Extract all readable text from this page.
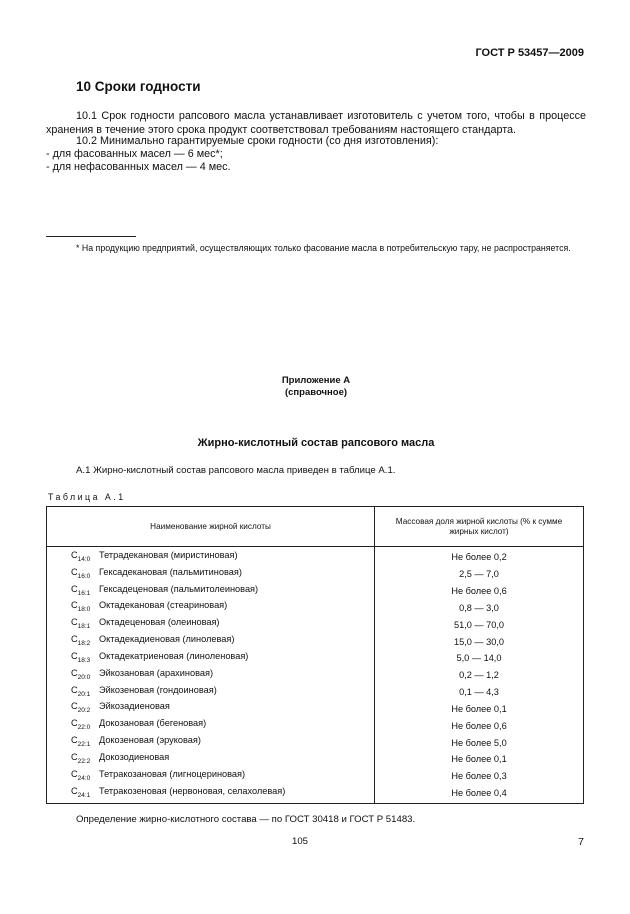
ГОСТ Р 53457—2009
10 Сроки годности
10.1 Срок годности рапсового масла устанавливает изготовитель с учетом того, чтобы в процессе хранения в течение этого срока продукт соответствовал требованиям настоящего стандарта.
10.2 Минимально гарантируемые сроки годности (со дня изготовления):
- для фасованных масел — 6 мес*;
- для нефасованных масел — 4 мес.
* На продукцию предприятий, осуществляющих только фасование масла в потребительскую тару, не распространяется.
Приложение А
(справочное)
Жирно-кислотный состав рапсового масла
А.1 Жирно-кислотный состав рапсового масла приведен в таблице А.1.
Таблица А.1
Наименование жирной кислоты	Массовая доля жирной кислоты (% к сумме жирных кислот)
$C_{14:0}$ Тетрадекановая (миристиновая)	Не более 0,2
$C_{16:0}$ Гексадекановая (пальмитиновая)	2,5 — 7,0
$C_{16:1}$ Гексадеценовая (пальмитолеиновая)	Не более 0,6
$C_{18:0}$ Октадекановая (стеариновая)	0,8 — 3,0
$C_{18:1}$ Октадеценовая (олеиновая)	51,0 — 70,0
$C_{18:2}$ Октадекадиеновая (линолевая)	15,0 — 30,0
$C_{18:3}$ Октадекатриеновая (линоленовая)	5,0 — 14,0
$C_{20:0}$ Эйкозановая (арахиновая)	0,2 — 1,2
$C_{20:1}$ Эйкозеновая (гондоиновая)	0,1 — 4,3
$C_{20:2}$ Эйкозадиеновая	Не более 0,1
$C_{22:0}$ Докозановая (бегеновая)	Не более 0,6
$C_{22:1}$ Докозеновая (эруковая)	Не более 5,0
$C_{22:2}$ Докозодиеновая	Не более 0,1
$C_{24:0}$ Тетракозановая (лигноцериновая)	Не более 0,3
$C_{24:1}$ Тетракозеновая (нервоновая, селахолевая)	Не более 0,4
Определение жирно-кислотного состава — по ГОСТ 30418 и ГОСТ Р 51483.
105	7
